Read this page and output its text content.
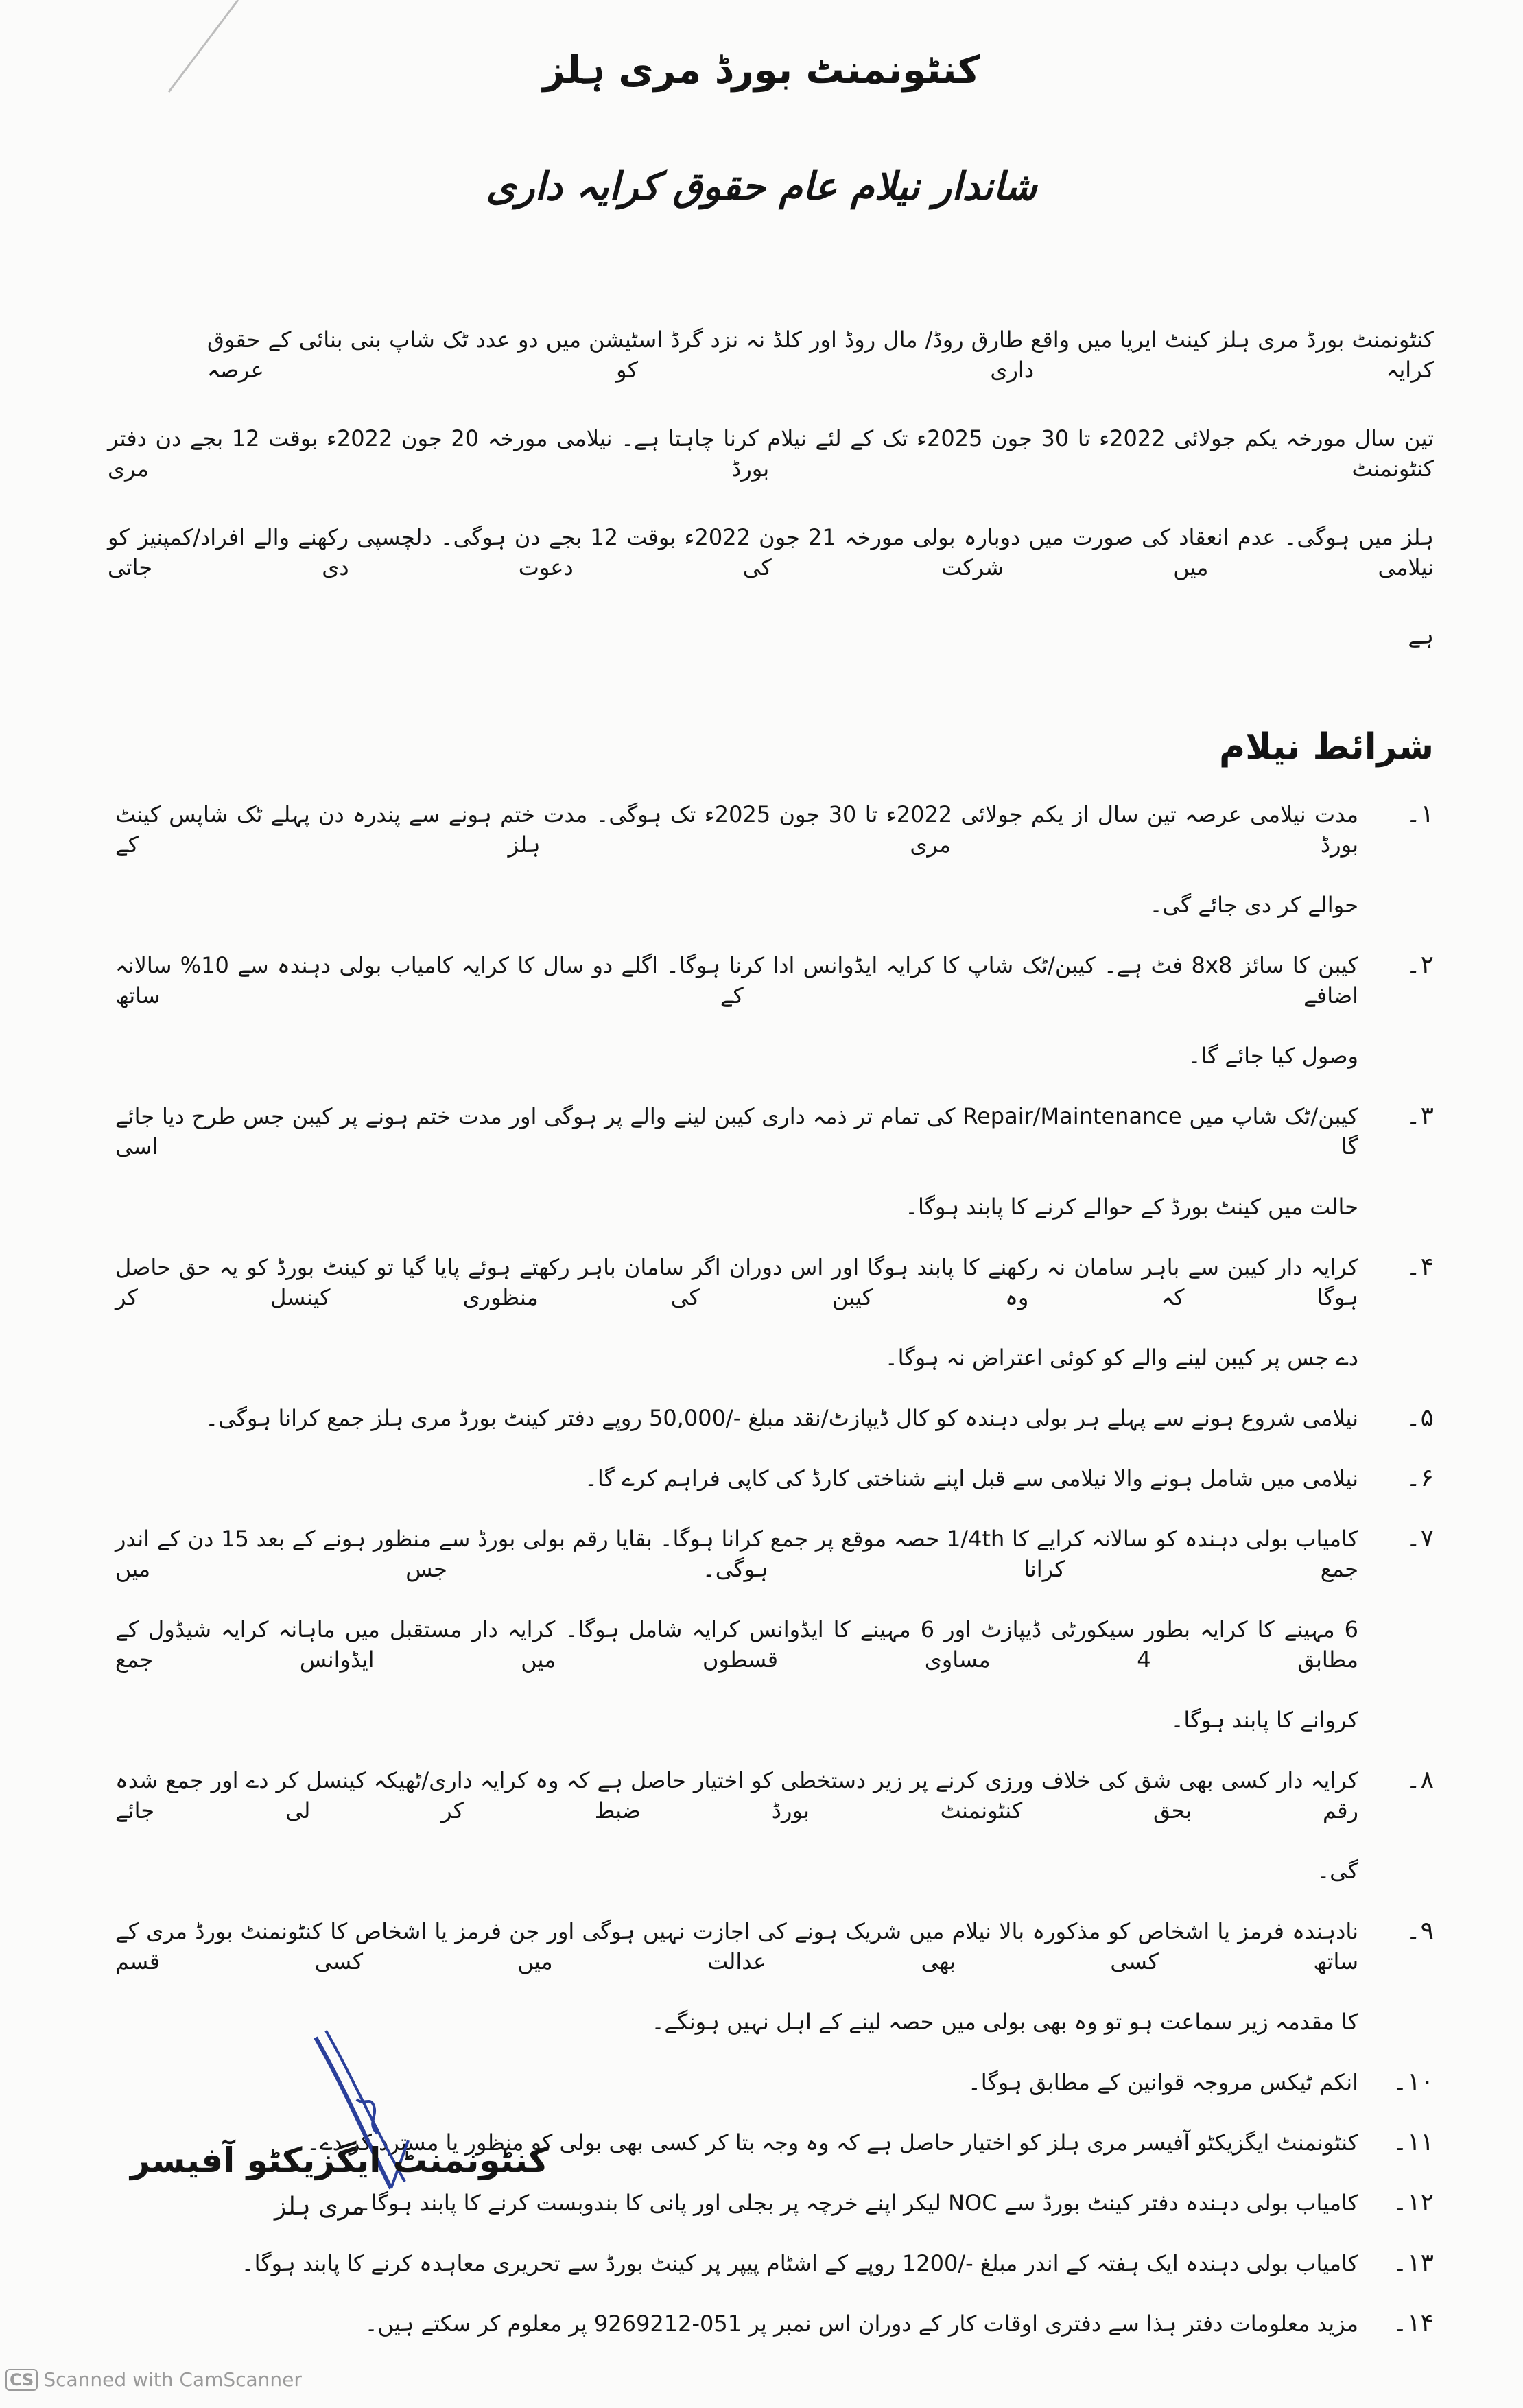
کنٹونمنٹ بورڈ مری ہلز
شاندار نیلام عام حقوق کرایہ داری
کنٹونمنٹ بورڈ مری ہلز کینٹ ایریا میں واقع طارق روڈ/ مال روڈ اور کلڈ نہ نزد گرڈ اسٹیشن میں دو عدد ٹک شاپ بنی بنائی کے حقوق کرایہ داری کو عرصہ
تین سال مورخہ یکم جولائی 2022ء تا 30 جون 2025ء تک کے لئے نیلام کرنا چاہتا ہے۔ نیلامی مورخہ 20 جون 2022ء بوقت 12 بجے دن دفتر کنٹونمنٹ بورڈ مری
ہلز میں ہوگی۔ عدم انعقاد کی صورت میں دوبارہ بولی مورخہ 21 جون 2022ء بوقت 12 بجے دن ہوگی۔ دلچسپی رکھنے والے افراد/کمپنیز کو نیلامی میں شرکت کی دعوت دی جاتی
ہے
شرائط نیلام
۱۔
مدت نیلامی عرصہ تین سال از یکم جولائی 2022ء تا 30 جون 2025ء تک ہوگی۔ مدت ختم ہونے سے پندرہ دن پہلے ٹک شاپس کینٹ بورڈ مری ہلز کے
حوالے کر دی جائے گی۔
۲۔
کیبن کا سائز 8x8 فٹ ہے۔ کیبن/ٹک شاپ کا کرایہ ایڈوانس ادا کرنا ہوگا۔ اگلے دو سال کا کرایہ کامیاب بولی دہندہ سے 10% سالانہ اضافے کے ساتھ
وصول کیا جائے گا۔
۳۔
کیبن/ٹک شاپ میں Repair/Maintenance کی تمام تر ذمہ داری کیبن لینے والے پر ہوگی اور مدت ختم ہونے پر کیبن جس طرح دیا جائے گا اسی
حالت میں کینٹ بورڈ کے حوالے کرنے کا پابند ہوگا۔
۴۔
کرایہ دار کیبن سے باہر سامان نہ رکھنے کا پابند ہوگا اور اس دوران اگر سامان باہر رکھتے ہوئے پایا گیا تو کینٹ بورڈ کو یہ حق حاصل ہوگا کہ وہ کیبن کی منظوری کینسل کر
دے جس پر کیبن لینے والے کو کوئی اعتراض نہ ہوگا۔
۵۔
نیلامی شروع ہونے سے پہلے ہر بولی دہندہ کو کال ڈیپازٹ/نقد مبلغ -/50,000 روپے دفتر کینٹ بورڈ مری ہلز جمع کرانا ہوگی۔
۶۔
نیلامی میں شامل ہونے والا نیلامی سے قبل اپنے شناختی کارڈ کی کاپی فراہم کرے گا۔
۷۔
کامیاب بولی دہندہ کو سالانہ کرایے کا 1/4th حصہ موقع پر جمع کرانا ہوگا۔ بقایا رقم بولی بورڈ سے منظور ہونے کے بعد 15 دن کے اندر جمع کرانا ہوگی۔ جس میں
6 مہینے کا کرایہ بطور سیکورٹی ڈیپازٹ اور 6 مہینے کا ایڈوانس کرایہ شامل ہوگا۔ کرایہ دار مستقبل میں ماہانہ کرایہ شیڈول کے مطابق 4 مساوی قسطوں میں ایڈوانس جمع
کروانے کا پابند ہوگا۔
۸۔
کرایہ دار کسی بھی شق کی خلاف ورزی کرنے پر زیر دستخطی کو اختیار حاصل ہے کہ وہ کرایہ داری/ٹھیکہ کینسل کر دے اور جمع شدہ رقم بحق کنٹونمنٹ بورڈ ضبط کر لی جائے
گی۔
۹۔
نادہندہ فرمز یا اشخاص کو مذکورہ بالا نیلام میں شریک ہونے کی اجازت نہیں ہوگی اور جن فرمز یا اشخاص کا کنٹونمنٹ بورڈ مری کے ساتھ کسی بھی عدالت میں کسی قسم
کا مقدمہ زیر سماعت ہو تو وہ بھی بولی میں حصہ لینے کے اہل نہیں ہونگے۔
۱۰۔
انکم ٹیکس مروجہ قوانین کے مطابق ہوگا۔
۱۱۔
کنٹونمنٹ ایگزیکٹو آفیسر مری ہلز کو اختیار حاصل ہے کہ وہ وجہ بتا کر کسی بھی بولی کو منظور یا مسترد کر دے۔
۱۲۔
کامیاب بولی دہندہ دفتر کینٹ بورڈ سے NOC لیکر اپنے خرچہ پر بجلی اور پانی کا بندوبست کرنے کا پابند ہوگا۔
۱۳۔
کامیاب بولی دہندہ ایک ہفتہ کے اندر مبلغ -/1200 روپے کے اشٹام پیپر پر کینٹ بورڈ سے تحریری معاہدہ کرنے کا پابند ہوگا۔
۱۴۔
مزید معلومات دفتر ہذا سے دفتری اوقات کار کے دوران اس نمبر پر 051-9269212 پر معلوم کر سکتے ہیں۔
کنٹونمنٹ ایگزیکٹو آفیسر
مری ہلز
CS Scanned with CamScanner
